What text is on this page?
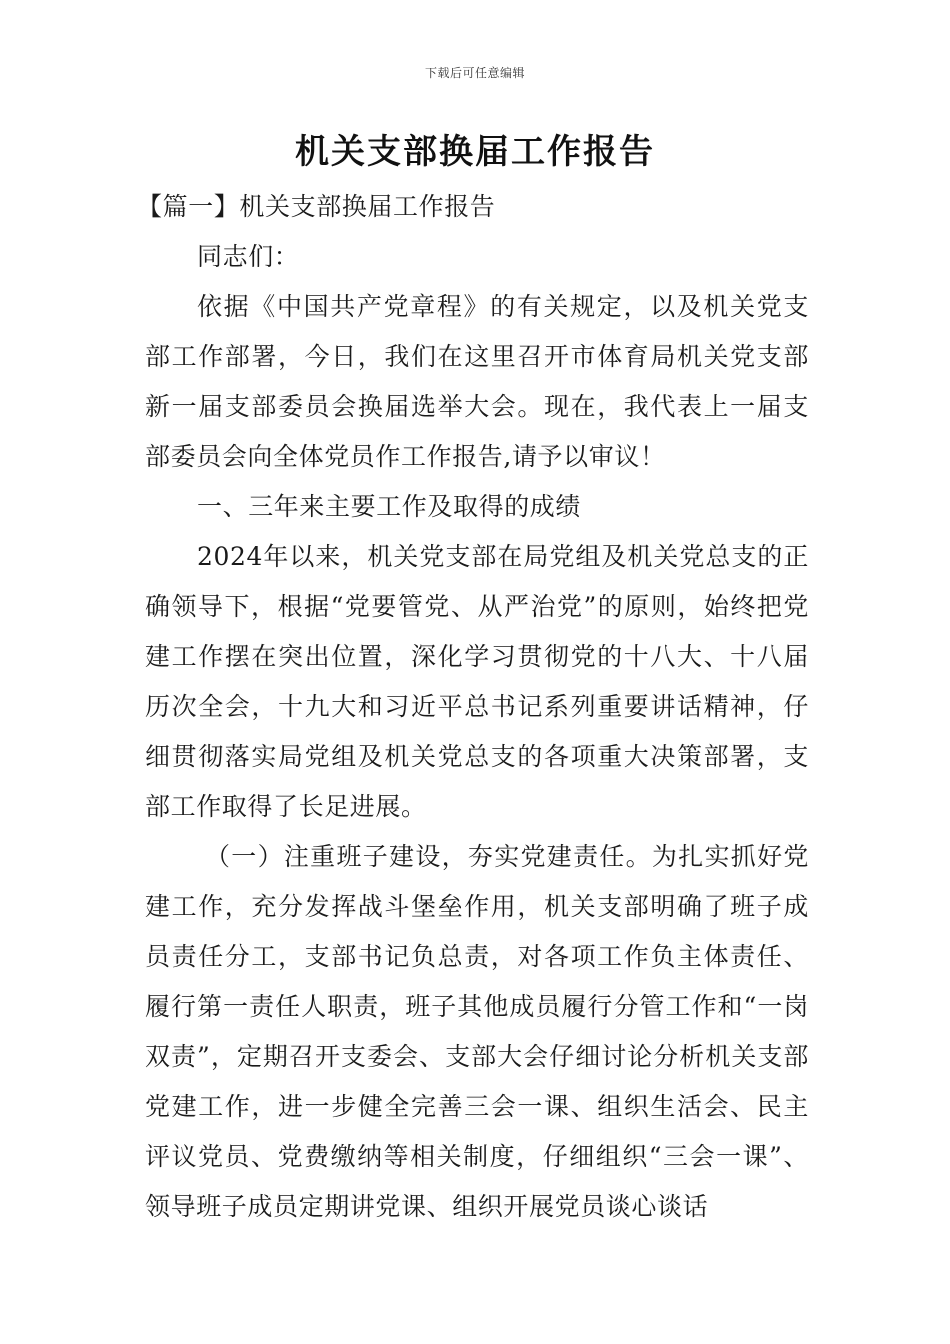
下载后可任意编辑
机关支部换届工作报告

【篇一】机关支部换届工作报告

同志们：

依据《中国共产党章程》的有关规定，以及机关党支部工作部署，今日，我们在这里召开市体育局机关党支部新一届支部委员会换届选举大会。现在，我代表上一届支部委员会向全体党员作工作报告,请予以审议！

一、三年来主要工作及取得的成绩

2024年以来，机关党支部在局党组及机关党总支的正确领导下，根据“党要管党、从严治党”的原则，始终把党建工作摆在突出位置，深化学习贯彻党的十八大、十八届历次全会，十九大和习近平总书记系列重要讲话精神，仔细贯彻落实局党组及机关党总支的各项重大决策部署，支部工作取得了长足进展。

（一）注重班子建设，夯实党建责任。为扎实抓好党建工作，充分发挥战斗堡垒作用，机关支部明确了班子成员责任分工，支部书记负总责，对各项工作负主体责任、履行第一责任人职责，班子其他成员履行分管工作和“一岗双责”，定期召开支委会、支部大会仔细讨论分析机关支部党建工作，进一步健全完善三会一课、组织生活会、民主评议党员、党费缴纳等相关制度，仔细组织“三会一课”、领导班子成员定期讲党课、组织开展党员谈心谈话
